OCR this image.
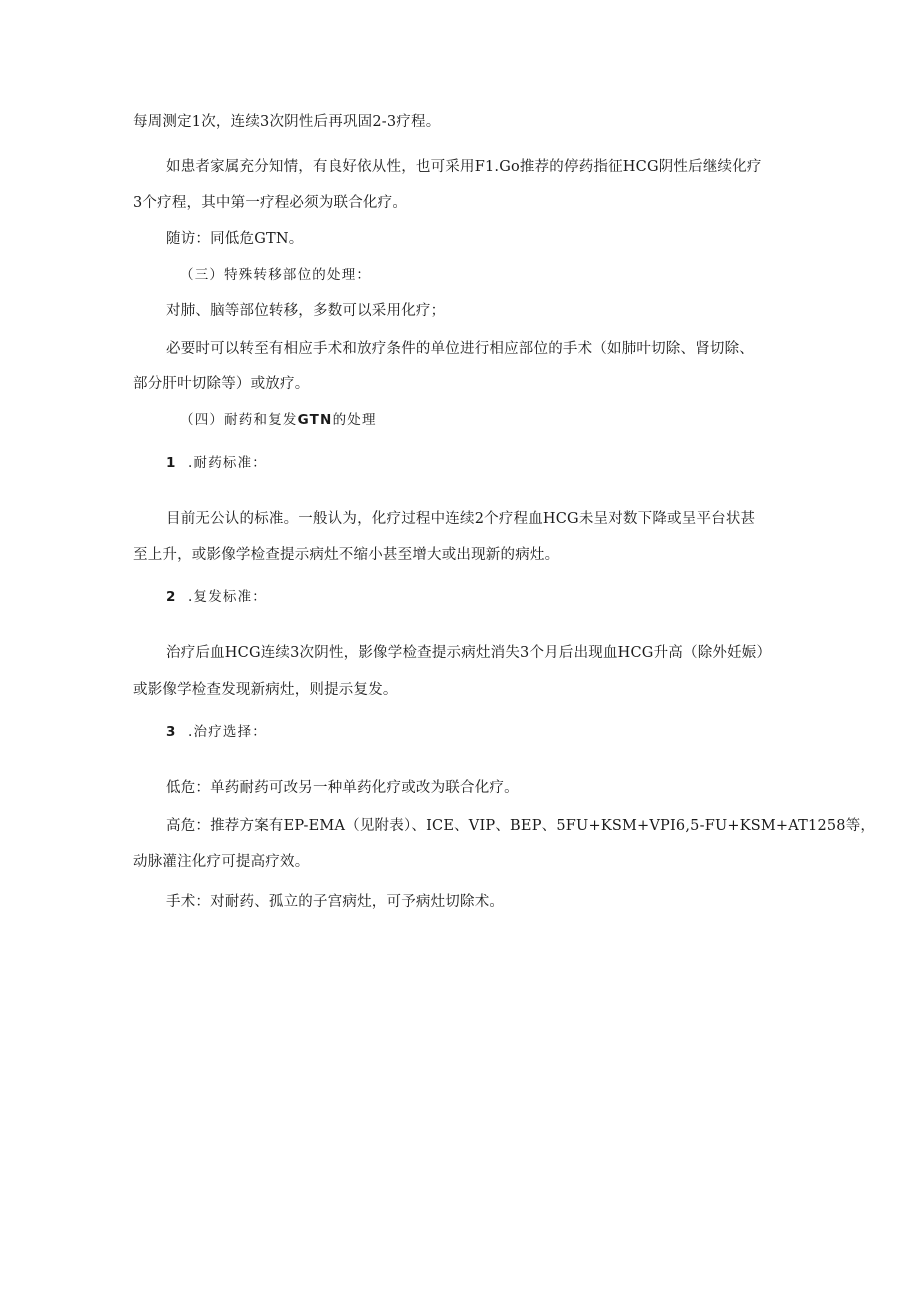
每周测定1次，连续3次阴性后再巩固2-3疗程。
如患者家属充分知情，有良好依从性，也可采用F1.Go推荐的停药指征HCG阴性后继续化疗
3个疗程，其中第一疗程必须为联合化疗。
随访：同低危GTN。
（三）特殊转移部位的处理：
对肺、脑等部位转移，多数可以采用化疗；
必要时可以转至有相应手术和放疗条件的单位进行相应部位的手术（如肺叶切除、肾切除、
部分肝叶切除等）或放疗。
（四）耐药和复发GTN的处理
1 .耐药标准：
目前无公认的标准。一般认为，化疗过程中连续2个疗程血HCG未呈对数下降或呈平台状甚
至上升，或影像学检查提示病灶不缩小甚至增大或出现新的病灶。
2 .复发标准：
治疗后血HCG连续3次阴性，影像学检查提示病灶消失3个月后出现血HCG升高（除外妊娠）
或影像学检查发现新病灶，则提示复发。
3 .治疗选择：
低危：单药耐药可改另一种单药化疗或改为联合化疗。
高危：推荐方案有EP-EMA（见附表）、ICE、VIP、BEP、5FU+KSM+VPI6,5-FU+KSM+AT1258等，
动脉灌注化疗可提高疗效。
手术：对耐药、孤立的子宫病灶，可予病灶切除术。
